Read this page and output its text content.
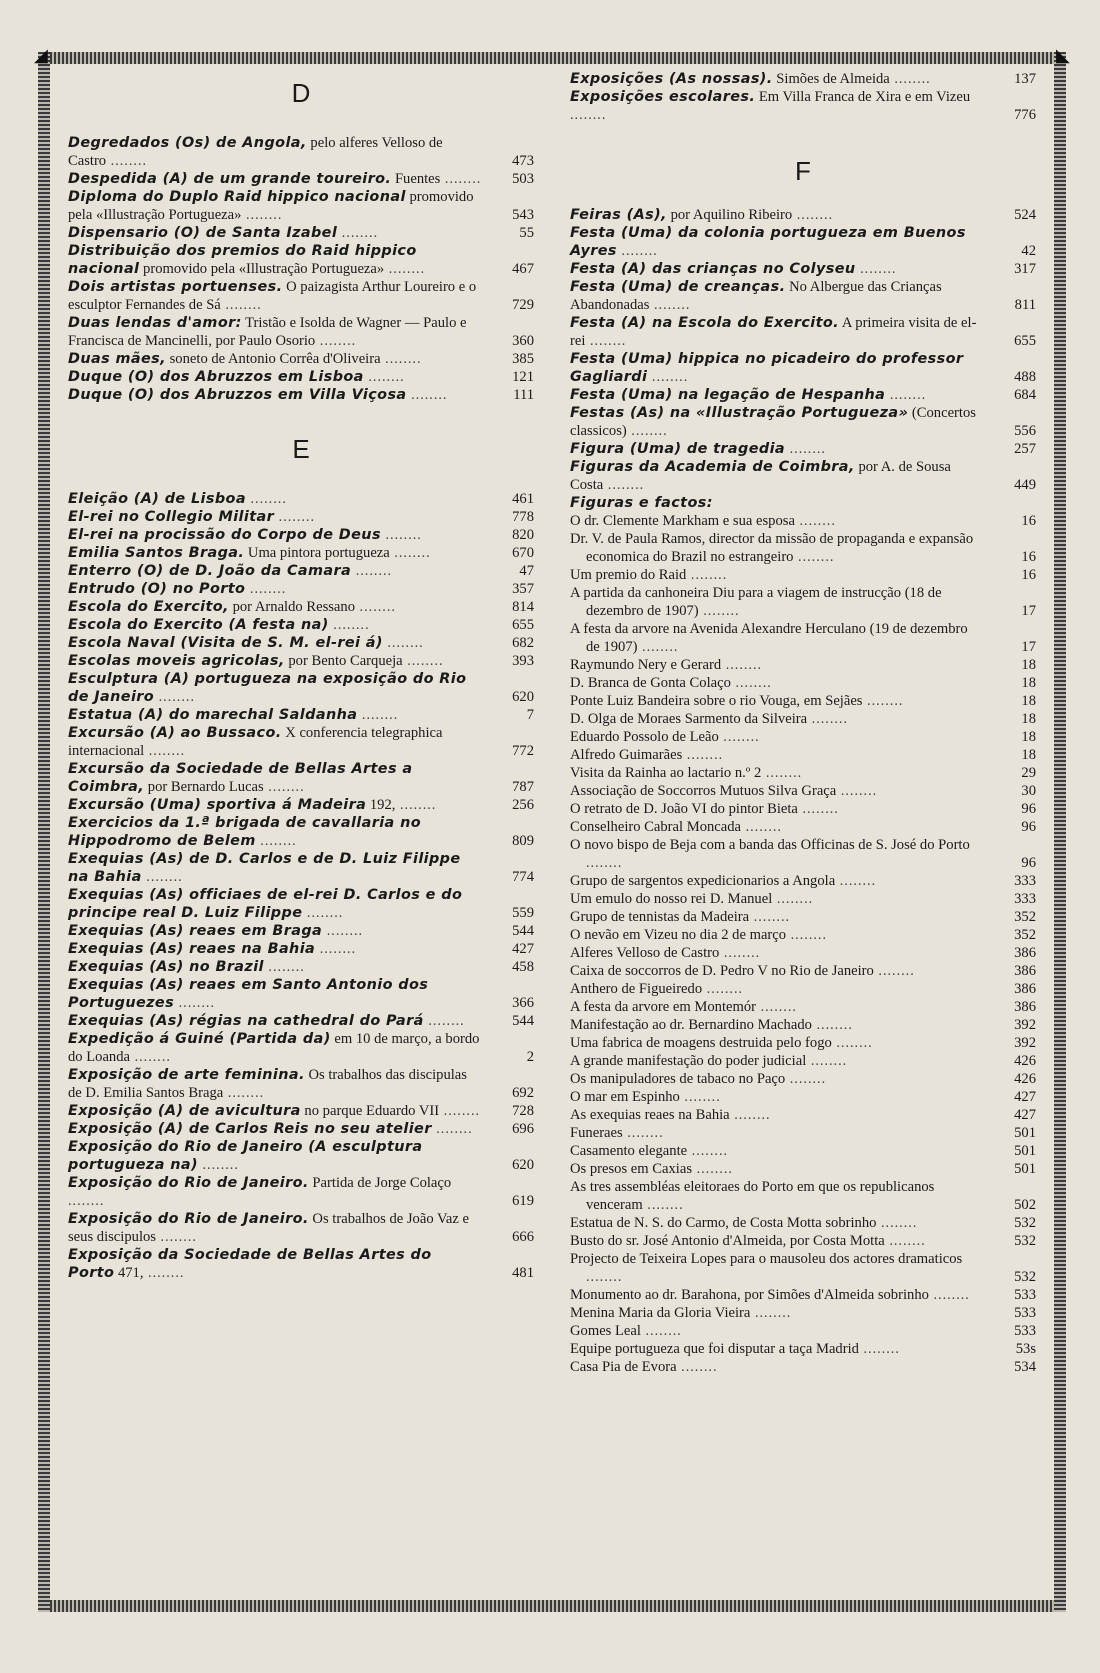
◢	◣
D
Degredados (Os) de Angola, pelo alferes Velloso de Castro ........	473
Despedida (A) de um grande toureiro. Fuentes ........	503
Diploma do Duplo Raid hippico nacional promovido pela «Illustração Portugueza» ........	543
Dispensario (O) de Santa Izabel ........	55
Distribuição dos premios do Raid hippico nacional promovido pela «Illustração Portugueza» ........	467
Dois artistas portuenses. O paizagista Arthur Loureiro e o esculptor Fernandes de Sá ........	729
Duas lendas d'amor: Tristão e Isolda de Wagner — Paulo e Francisca de Mancinelli, por Paulo Osorio ........	360
Duas mães, soneto de Antonio Corrêa d'Oliveira ........	385
Duque (O) dos Abruzzos em Lisboa ........	121
Duque (O) dos Abruzzos em Villa Viçosa ........	111
E
Eleição (A) de Lisboa ........	461
El-rei no Collegio Militar ........	778
El-rei na procissão do Corpo de Deus ........	820
Emilia Santos Braga. Uma pintora portugueza ........	670
Enterro (O) de D. João da Camara ........	47
Entrudo (O) no Porto ........	357
Escola do Exercito, por Arnaldo Ressano ........	814
Escola do Exercito (A festa na) ........	655
Escola Naval (Visita de S. M. el-rei á) ........	682
Escolas moveis agricolas, por Bento Carqueja ........	393
Esculptura (A) portugueza na exposição do Rio de Janeiro ........	620
Estatua (A) do marechal Saldanha ........	7
Excursão (A) ao Bussaco. X conferencia telegraphica internacional ........	772
Excursão da Sociedade de Bellas Artes a Coimbra, por Bernardo Lucas ........	787
Excursão (Uma) sportiva á Madeira 192, ........	256
Exercicios da 1.ª brigada de cavallaria no Hippodromo de Belem ........	809
Exequias (As) de D. Carlos e de D. Luiz Filippe na Bahia ........	774
Exequias (As) officiaes de el-rei D. Carlos e do principe real D. Luiz Filippe ........	559
Exequias (As) reaes em Braga ........	544
Exequias (As) reaes na Bahia ........	427
Exequias (As) no Brazil ........	458
Exequias (As) reaes em Santo Antonio dos Portuguezes ........	366
Exequias (As) régias na cathedral do Pará ........	544
Expedição á Guiné (Partida da) em 10 de março, a bordo do Loanda ........	2
Exposição de arte feminina. Os trabalhos das discipulas de D. Emilia Santos Braga ........	692
Exposição (A) de avicultura no parque Eduardo VII ........	728
Exposição (A) de Carlos Reis no seu atelier ........	696
Exposição do Rio de Janeiro (A esculptura portugueza na) ........	620
Exposição do Rio de Janeiro. Partida de Jorge Colaço ........	619
Exposição do Rio de Janeiro. Os trabalhos de João Vaz e seus discipulos ........	666
Exposição da Sociedade de Bellas Artes do Porto 471, ........	481
Exposições (As nossas). Simões de Almeida ........	137
Exposições escolares. Em Villa Franca de Xira e em Vizeu ........	776
F
Feiras (As), por Aquilino Ribeiro ........	524
Festa (Uma) da colonia portugueza em Buenos Ayres ........	42
Festa (A) das crianças no Colyseu ........	317
Festa (Uma) de creanças. No Albergue das Crianças Abandonadas ........	811
Festa (A) na Escola do Exercito. A primeira visita de el-rei ........	655
Festa (Uma) hippica no picadeiro do professor Gagliardi ........	488
Festa (Uma) na legação de Hespanha ........	684
Festas (As) na «Illustração Portugueza» (Concertos classicos) ........	556
Figura (Uma) de tragedia ........	257
Figuras da Academia de Coimbra, por A. de Sousa Costa ........	449
Figuras e factos:
O dr. Clemente Markham e sua esposa ........	16
Dr. V. de Paula Ramos, director da missão de propaganda e expansão economica do Brazil no estrangeiro ........	16
Um premio do Raid ........	16
A partida da canhoneira Diu para a viagem de instrucção (18 de dezembro de 1907) ........	17
A festa da arvore na Avenida Alexandre Herculano (19 de dezembro de 1907) ........	17
Raymundo Nery e Gerard ........	18
D. Branca de Gonta Colaço ........	18
Ponte Luiz Bandeira sobre o rio Vouga, em Sejães ........	18
D. Olga de Moraes Sarmento da Silveira ........	18
Eduardo Possolo de Leão ........	18
Alfredo Guimarães ........	18
Visita da Rainha ao lactario n.º 2 ........	29
Associação de Soccorros Mutuos Silva Graça ........	30
O retrato de D. João VI do pintor Bieta ........	96
Conselheiro Cabral Moncada ........	96
O novo bispo de Beja com a banda das Officinas de S. José do Porto ........	96
Grupo de sargentos expedicionarios a Angola ........	333
Um emulo do nosso rei D. Manuel ........	333
Grupo de tennistas da Madeira ........	352
O nevão em Vizeu no dia 2 de março ........	352
Alferes Velloso de Castro ........	386
Caixa de soccorros de D. Pedro V no Rio de Janeiro ........	386
Anthero de Figueiredo ........	386
A festa da arvore em Montemór ........	386
Manifestação ao dr. Bernardino Machado ........	392
Uma fabrica de moagens destruida pelo fogo ........	392
A grande manifestação do poder judicial ........	426
Os manipuladores de tabaco no Paço ........	426
O mar em Espinho ........	427
As exequias reaes na Bahia ........	427
Funeraes ........	501
Casamento elegante ........	501
Os presos em Caxias ........	501
As tres assembléas eleitoraes do Porto em que os republicanos venceram ........	502
Estatua de N. S. do Carmo, de Costa Motta sobrinho ........	532
Busto do sr. José Antonio d'Almeida, por Costa Motta ........	532
Projecto de Teixeira Lopes para o mausoleu dos actores dramaticos ........	532
Monumento ao dr. Barahona, por Simões d'Almeida sobrinho ........	533
Menina Maria da Gloria Vieira ........	533
Gomes Leal ........	533
Equipe portugueza que foi disputar a taça Madrid ........	53s
Casa Pia de Evora ........	534
